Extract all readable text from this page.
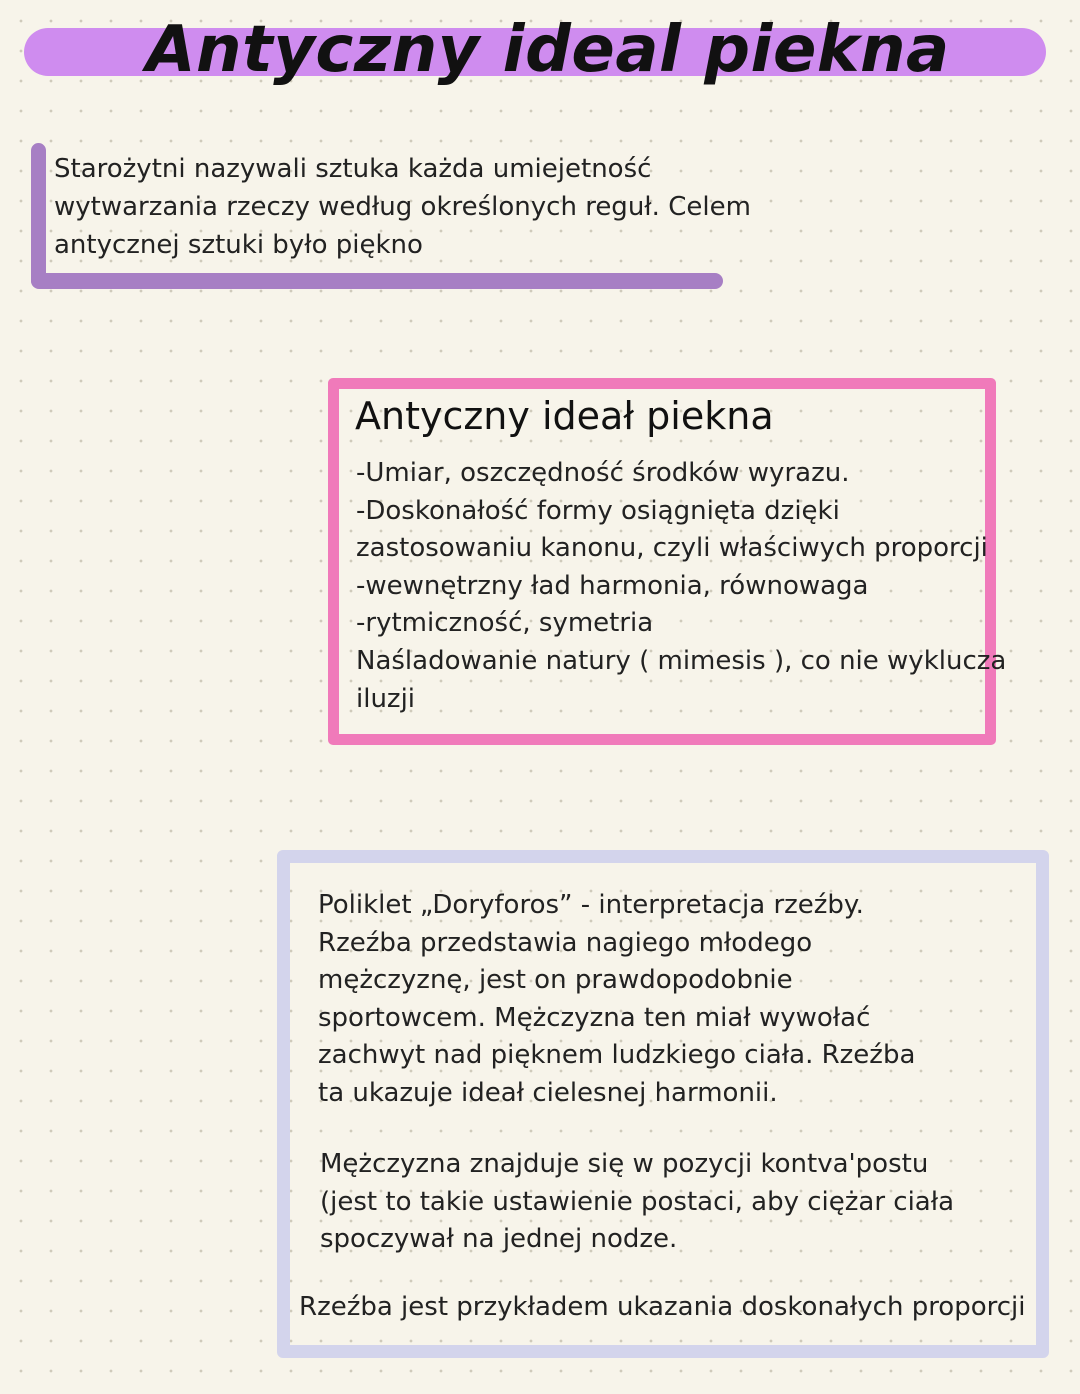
Antyczny ideal piekna
Starożytni nazywali sztuka każda umiejetność
wytwarzania rzeczy według określonych reguł. Celem
antycznej sztuki było piękno
Antyczny ideał piekna
-Umiar, oszczędność środków wyrazu.
-Doskonałość formy osiągnięta dzięki
zastosowaniu kanonu, czyli właściwych proporcji
-wewnętrzny ład harmonia, równowaga
-rytmiczność, symetria
Naśladowanie natury ( mimesis ), co nie wyklucza
iluzji
Poliklet „Doryforos” - interpretacja rzeźby.
Rzeźba przedstawia nagiego młodego
mężczyznę, jest on prawdopodobnie
sportowcem. Mężczyzna ten miał wywołać
zachwyt nad pięknem ludzkiego ciała. Rzeźba
ta ukazuje ideał cielesnej harmonii.
Mężczyzna znajduje się w pozycji kontva'postu
(jest to takie ustawienie postaci, aby ciężar ciała
spoczywał na jednej nodze.
Rzeźba jest przykładem ukazania doskonałych proporcji
